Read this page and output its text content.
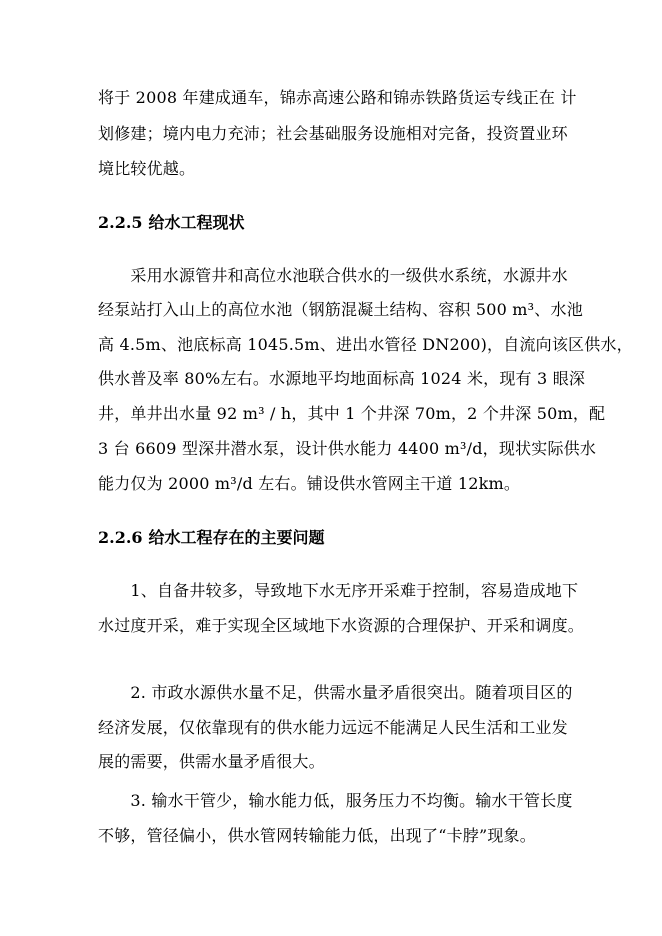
将于 2008 年建成通车，锦赤高速公路和锦赤铁路货运专线正在 计
划修建；境内电力充沛；社会基础服务设施相对完备，投资置业环
境比较优越。
2.2.5 给水工程现状
　　采用水源管井和高位水池联合供水的一级供水系统，水源井水
经泵站打入山上的高位水池（钢筋混凝土结构、容积 500 m³、水池
高 4.5m、池底标高 1045.5m、进出水管径 DN200)，自流向该区供水，
供水普及率 80%左右。水源地平均地面标高 1024 米，现有 3 眼深
井，单井出水量 92 m³ / h，其中 1 个井深 70m，2 个井深 50m，配
3 台 6609 型深井潜水泵，设计供水能力 4400 m³/d，现状实际供水
能力仅为 2000 m³/d 左右。铺设供水管网主干道 12km。
2.2.6 给水工程存在的主要问题
　　1、自备井较多，导致地下水无序开采难于控制，容易造成地下
水过度开采，难于实现全区域地下水资源的合理保护、开采和调度。
　　2. 市政水源供水量不足，供需水量矛盾很突出。随着项目区的
经济发展，仅依靠现有的供水能力远远不能满足人民生活和工业发
展的需要，供需水量矛盾很大。
　　3. 输水干管少，输水能力低，服务压力不均衡。输水干管长度
不够，管径偏小，供水管网转输能力低，出现了“卡脖”现象。
